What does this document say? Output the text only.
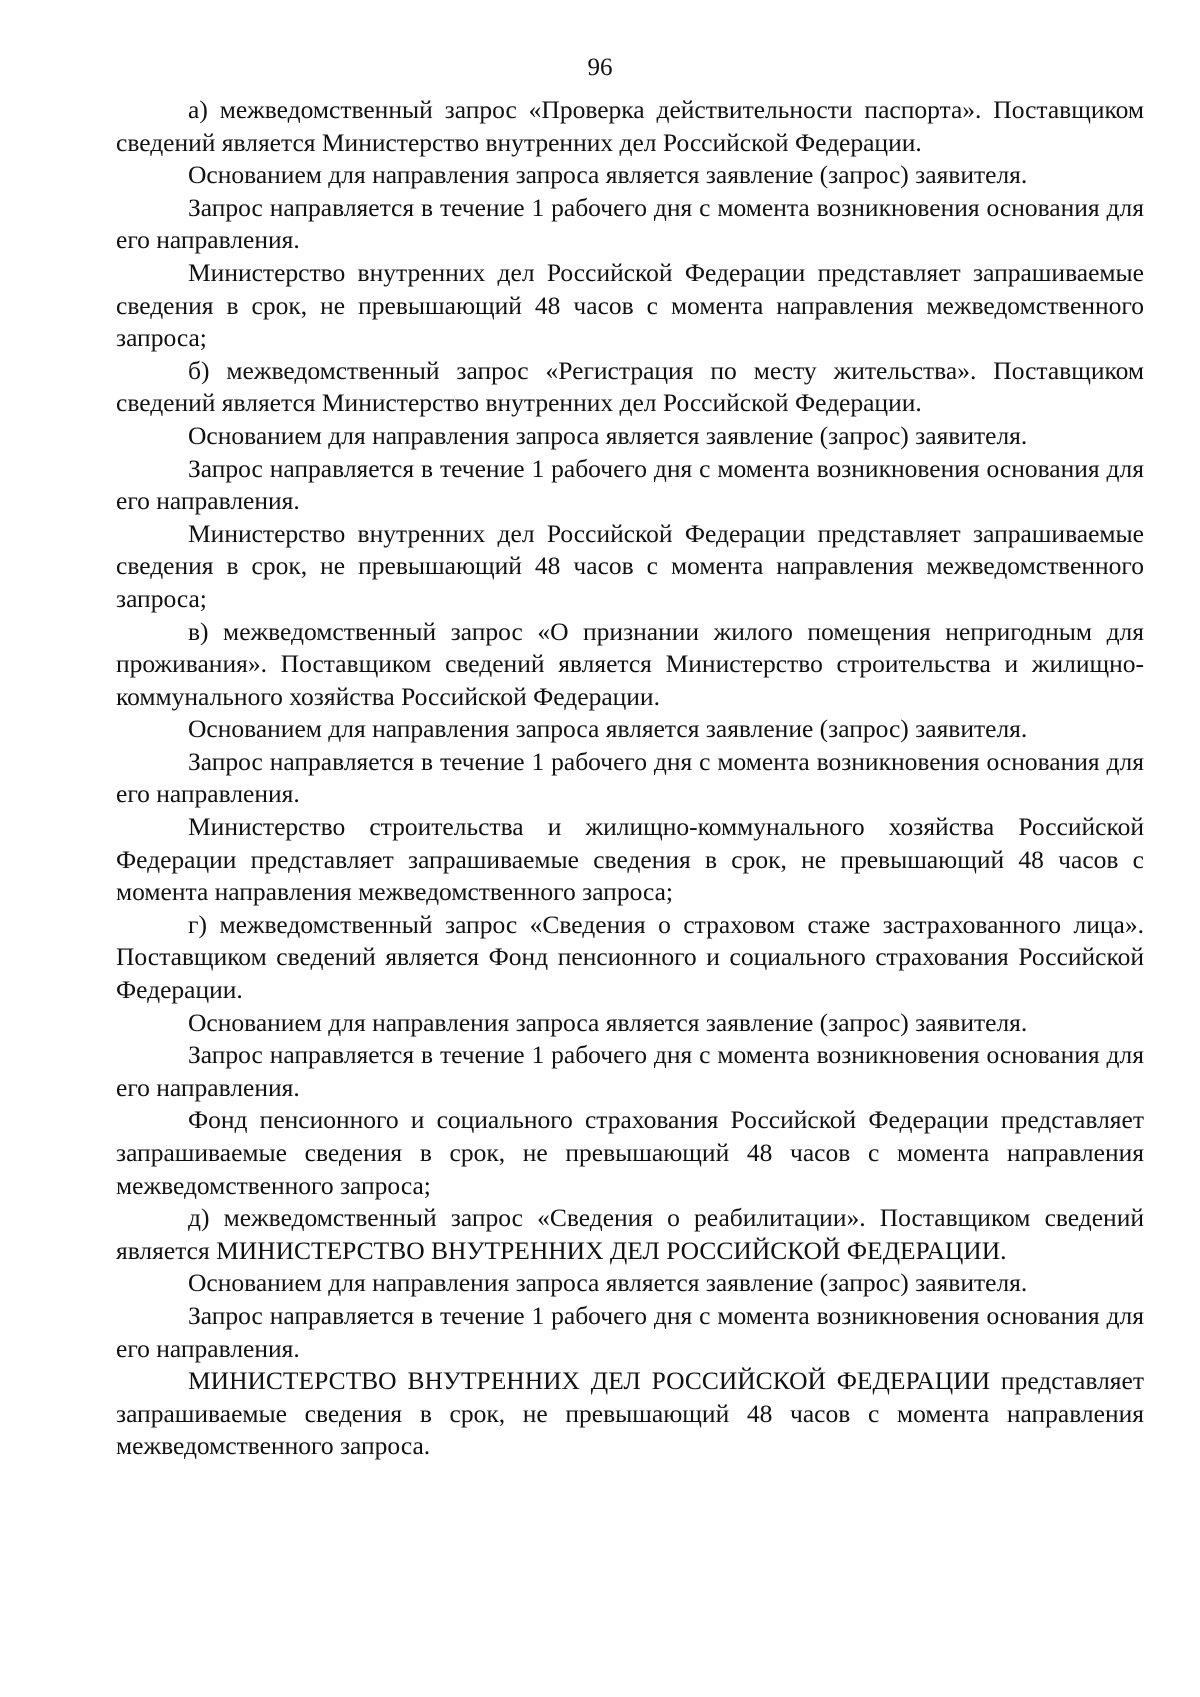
96

а) межведомственный запрос «Проверка действительности паспорта». Поставщиком сведений является Министерство внутренних дел Российской Федерации.

Основанием для направления запроса является заявление (запрос) заявителя.

Запрос направляется в течение 1 рабочего дня с момента возникновения основания для его направления.

Министерство внутренних дел Российской Федерации представляет запрашиваемые сведения в срок, не превышающий 48 часов с момента направления межведомственного запроса;

б) межведомственный запрос «Регистрация по месту жительства». Поставщиком сведений является Министерство внутренних дел Российской Федерации.

Основанием для направления запроса является заявление (запрос) заявителя.

Запрос направляется в течение 1 рабочего дня с момента возникновения основания для его направления.

Министерство внутренних дел Российской Федерации представляет запрашиваемые сведения в срок, не превышающий 48 часов с момента направления межведомственного запроса;

в) межведомственный запрос «О признании жилого помещения непригодным для проживания». Поставщиком сведений является Министерство строительства и жилищно-коммунального хозяйства Российской Федерации.

Основанием для направления запроса является заявление (запрос) заявителя.

Запрос направляется в течение 1 рабочего дня с момента возникновения основания для его направления.

Министерство строительства и жилищно-коммунального хозяйства Российской Федерации представляет запрашиваемые сведения в срок, не превышающий 48 часов с момента направления межведомственного запроса;

г) межведомственный запрос «Сведения о страховом стаже застрахованного лица». Поставщиком сведений является Фонд пенсионного и социального страхования Российской Федерации.

Основанием для направления запроса является заявление (запрос) заявителя.

Запрос направляется в течение 1 рабочего дня с момента возникновения основания для его направления.

Фонд пенсионного и социального страхования Российской Федерации представляет запрашиваемые сведения в срок, не превышающий 48 часов с момента направления межведомственного запроса;

д) межведомственный запрос «Сведения о реабилитации». Поставщиком сведений является МИНИСТЕРСТВО ВНУТРЕННИХ ДЕЛ РОССИЙСКОЙ ФЕДЕРАЦИИ.

Основанием для направления запроса является заявление (запрос) заявителя.

Запрос направляется в течение 1 рабочего дня с момента возникновения основания для его направления.

МИНИСТЕРСТВО ВНУТРЕННИХ ДЕЛ РОССИЙСКОЙ ФЕДЕРАЦИИ представляет запрашиваемые сведения в срок, не превышающий 48 часов с момента направления межведомственного запроса.
